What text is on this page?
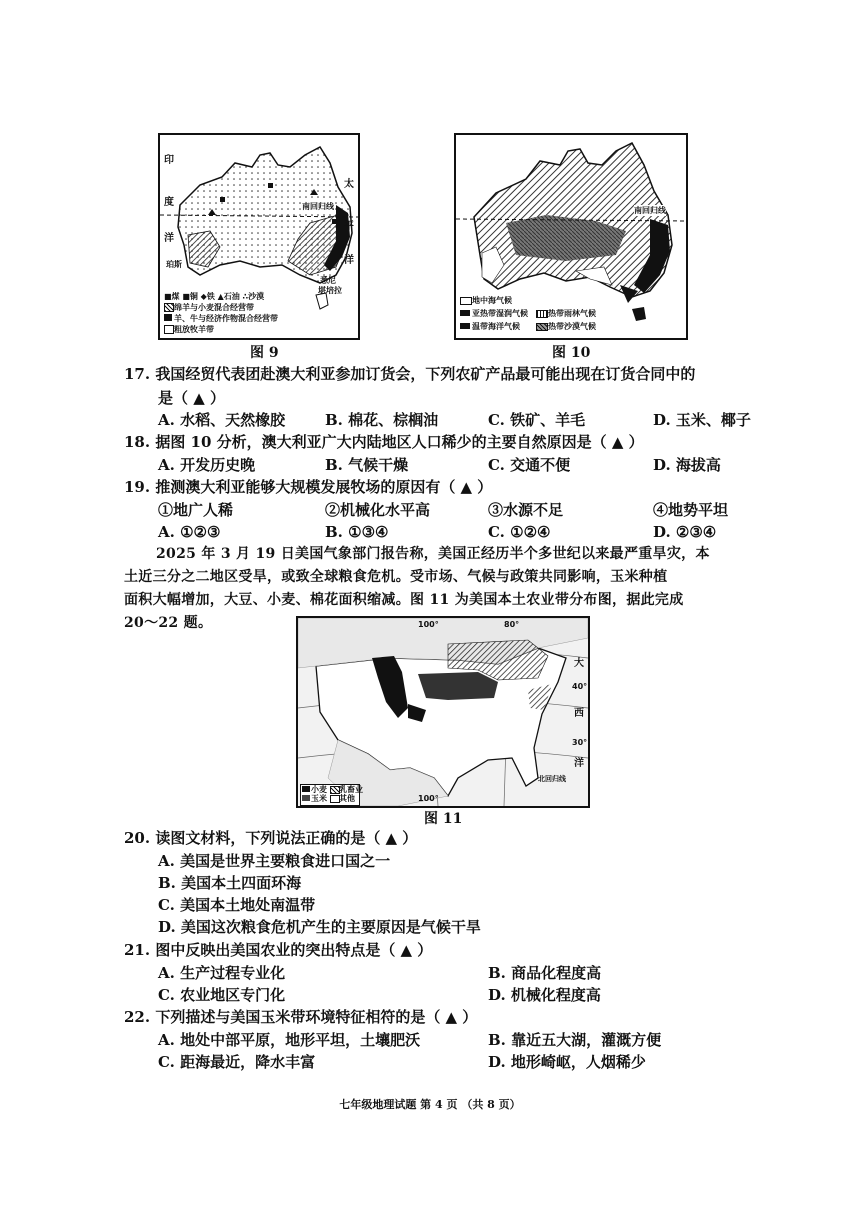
印
度
洋
太
平
洋
南回归线
珀斯
悉尼
堪培拉
■煤 ■铜 ◆铁 ▲石油 ∴沙漠
绵羊与小麦混合经营带
羊、牛与经济作物混合经营带
粗放牧羊带
图 9
南回归线
地中海气候
亚热带湿润气候	热带雨林气候
温带海洋气候	热带沙漠气候
图 10
17. 我国经贸代表团赴澳大利亚参加订货会，下列农矿产品最可能出现在订货合同中的
是（ ▲ ）
A. 水稻、天然橡胶	B. 棉花、棕榈油	C. 铁矿、羊毛	D. 玉米、椰子
18. 据图 10 分析，澳大利亚广大内陆地区人口稀少的主要自然原因是（ ▲ ）
A. 开发历史晚	B. 气候干燥	C. 交通不便	D. 海拔高
19. 推测澳大利亚能够大规模发展牧场的原因有（ ▲ ）
①地广人稀	②机械化水平高	③水源不足	④地势平坦
A. ①②③	B. ①③④	C. ①②④	D. ②③④
2025 年 3 月 19 日美国气象部门报告称，美国正经历半个多世纪以来最严重旱灾，本
土近三分之二地区受旱，或致全球粮食危机。受市场、气候与政策共同影响，玉米种植
面积大幅增加，大豆、小麦、棉花面积缩减。图 11 为美国本土农业带分布图，据此完成
20～22 题。	100°	80°
100°
40°
30°
大
西
洋
北回归线
小麦 乳畜业
玉米 其他
图 11
20. 读图文材料，下列说法正确的是（ ▲ ）
A. 美国是世界主要粮食进口国之一
B. 美国本土四面环海
C. 美国本土地处南温带
D. 美国这次粮食危机产生的主要原因是气候干旱
21. 图中反映出美国农业的突出特点是（ ▲ ）
A. 生产过程专业化	B. 商品化程度高
C. 农业地区专门化	D. 机械化程度高
22. 下列描述与美国玉米带环境特征相符的是（ ▲ ）
A. 地处中部平原，地形平坦，土壤肥沃	B. 靠近五大湖，灌溉方便
C. 距海最近，降水丰富	D. 地形崎岖，人烟稀少
七年级地理试题 第 4 页 （共 8 页）
